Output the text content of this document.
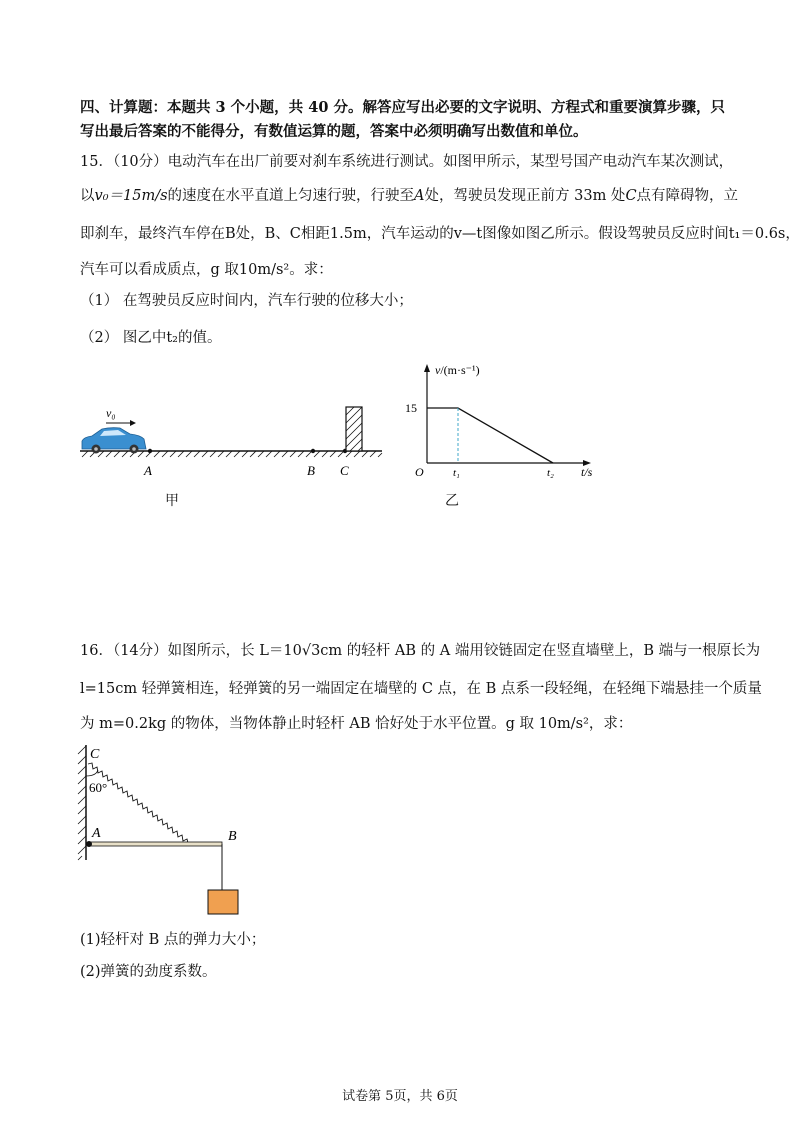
四、计算题：本题共 3 个小题，共 40 分。解答应写出必要的文字说明、方程式和重要演算步骤，只
写出最后答案的不能得分，有数值运算的题，答案中必须明确写出数值和单位。
15．（10分）电动汽车在出厂前要对刹车系统进行测试。如图甲所示，某型号国产电动汽车某次测试，
以v₀＝15m/s的速度在水平直道上匀速行驶，行驶至A处，驾驶员发现正前方 33m 处C点有障碍物，立
即刹车，最终汽车停在B处，B、C相距1.5m，汽车运动的v—t图像如图乙所示。假设驾驶员反应时间t₁＝0.6s，
汽车可以看成质点，g 取10m/s²。求：
（1） 在驾驶员反应时间内，汽车行驶的位移大小；
（2） 图乙中t₂的值。
v₀
A	B C
甲
v/(m·s⁻¹)
15
O	t₁	t₂ t/s
乙
16．（14分）如图所示，长 L＝10√3cm 的轻杆 AB 的 A 端用铰链固定在竖直墙壁上，B 端与一根原长为
l=15cm 轻弹簧相连，轻弹簧的另一端固定在墙壁的 C 点，在 B 点系一段轻绳，在轻绳下端悬挂一个质量
为 m=0.2kg 的物体，当物体静止时轻杆 AB 恰好处于水平位置。g 取 10m/s²，求：
C
60°
A	B
(1)轻杆对 B 点的弹力大小；
(2)弹簧的劲度系数。
试卷第 5页，共 6页
